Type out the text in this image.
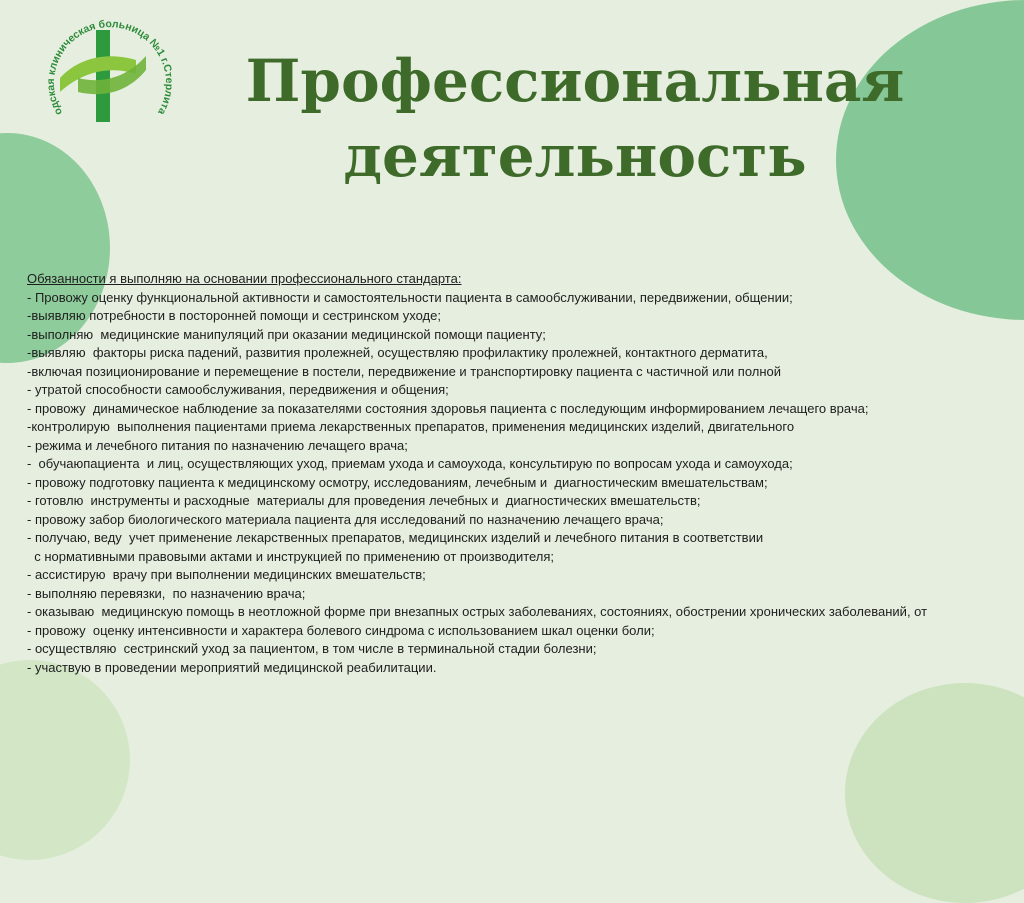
одская клиническая больница №1 г.Стерлита Профессиональная
деятельность
Обязанности я выполняю на основании профессионального стандарта:
- Провожу оценку функциональной активности и самостоятельности пациента в самообслуживании, передвижении, общении;
-выявляю потребности в посторонней помощи и сестринском уходе;
-выполняю  медицинские манипуляций при оказании медицинской помощи пациенту;
-выявляю  факторы риска падений, развития пролежней, осуществляю профилактику пролежней, контактного дерматита,
-включая позиционирование и перемещение в постели, передвижение и транспортировку пациента с частичной или полной
- утратой способности самообслуживания, передвижения и общения;
- провожу  динамическое наблюдение за показателями состояния здоровья пациента с последующим информированием лечащего врача;
-контролирую  выполнения пациентами приема лекарственных препаратов, применения медицинских изделий, двигательного
- режима и лечебного питания по назначению лечащего врача;
-  обучаюпациента  и лиц, осуществляющих уход, приемам ухода и самоухода, консультирую по вопросам ухода и самоухода;
- провожу подготовку пациента к медицинскому осмотру, исследованиям, лечебным и  диагностическим вмешательствам;
- готовлю  инструменты и расходные  материалы для проведения лечебных и  диагностических вмешательств;
- провожу забор биологического материала пациента для исследований по назначению лечащего врача;
- получаю, веду  учет применение лекарственных препаратов, медицинских изделий и лечебного питания в соответствии
с нормативными правовыми актами и инструкцией по применению от производителя;
- ассистирую  врачу при выполнении медицинских вмешательств;
- выполняю перевязки,  по назначению врача;
- оказываю  медицинскую помощь в неотложной форме при внезапных острых заболеваниях, состояниях, обострении хронических заболеваний, от
- провожу  оценку интенсивности и характера болевого синдрома с использованием шкал оценки боли;
- осуществляю  сестринский уход за пациентом, в том числе в терминальной стадии болезни;
- участвую в проведении мероприятий медицинской реабилитации.
